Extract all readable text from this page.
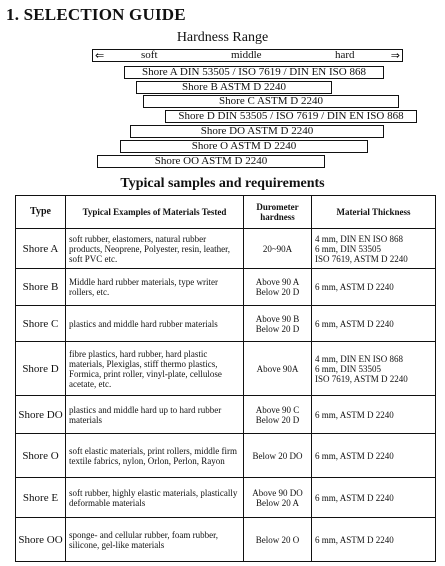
1. SELECTION GUIDE
Hardness Range
⇐	soft	middle	hard	⇒
Shore A DIN 53505 / ISO 7619 / DIN EN ISO 868
Shore B ASTM D 2240
Shore C ASTM D 2240
Shore D DIN 53505 / ISO 7619 / DIN EN ISO 868
Shore DO ASTM D 2240
Shore O ASTM D 2240
Shore OO ASTM D 2240
Typical samples and requirements
Type	Typical Examples of Materials Tested	Durometer hardness	Material Thickness
Shore A	soft rubber, elastomers, natural rubber products, Neoprene, Polyester, resin, leather, soft PVC etc.	20~90A	4 mm, DIN EN ISO 868
6 mm, DIN 53505
ISO 7619, ASTM D 2240

Shore B	Middle hard rubber materials, type writer rollers, etc.	Above 90 A
Below 20 D	6 mm, ASTM D 2240
Shore C	plastics and middle hard rubber materials	Above 90 B
Below 20 D	6 mm, ASTM D 2240
Shore D	fibre plastics, hard rubber, hard plastic materials, Plexiglas, stiff thermo plastics, Formica, print roller, vinyl-plate, cellulose acetate, etc.	Above 90A	4 mm, DIN EN ISO 868
6 mm, DIN 53505
ISO 7619, ASTM D 2240

Shore DO	plastics and middle hard up to hard rubber materials	Above 90 C
Below 20 D	6 mm, ASTM D 2240
Shore O	soft elastic materials, print rollers, middle firm textile fabrics, nylon, Orlon, Perlon, Rayon	Below 20 DO	6 mm, ASTM D 2240
Shore E	soft rubber, highly elastic materials, plastically deformable materials	Above 90 DO
Below 20 A	6 mm, ASTM D 2240
Shore OO	sponge- and cellular rubber, foam rubber, silicone, gel-like materials	Below 20 O	6 mm, ASTM D 2240
